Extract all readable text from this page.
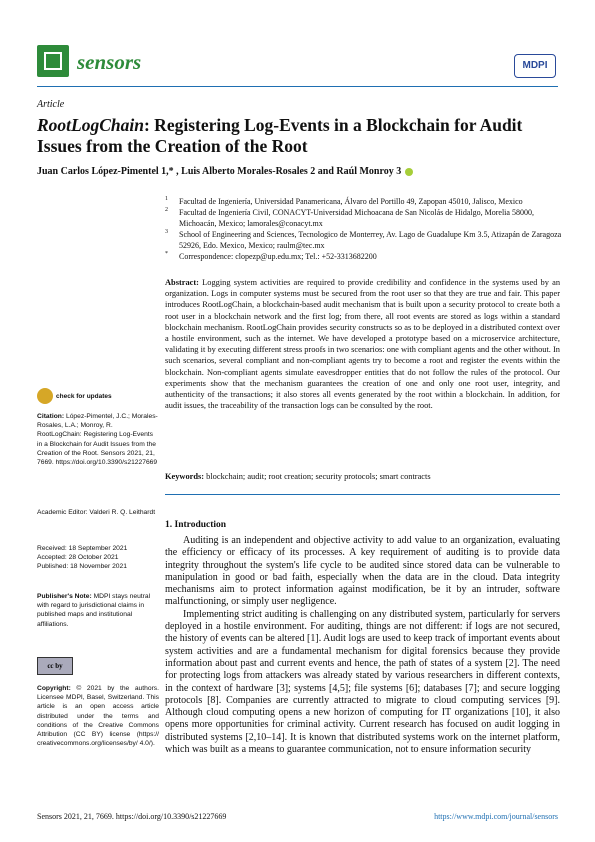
sensors	MDPI
Article
RootLogChain: Registering Log-Events in a Blockchain for Audit Issues from the Creation of the Root
Juan Carlos López-Pimentel 1,* , Luis Alberto Morales-Rosales 2 and Raúl Monroy 3
1 Facultad de Ingeniería, Universidad Panamericana, Álvaro del Portillo 49, Zapopan 45010, Jalisco, Mexico
2 Facultad de Ingeniería Civil, CONACYT-Universidad Michoacana de San Nicolás de Hidalgo, Morelia 58000, Michoacán, Mexico; lamorales@conacyt.mx
3 School of Engineering and Sciences, Tecnologico de Monterrey, Av. Lago de Guadalupe Km 3.5, Atizapán de Zaragoza 52926, Edo. Mexico, Mexico; raulm@tec.mx
* Correspondence: clopezp@up.edu.mx; Tel.: +52-3313682200
Abstract: Logging system activities are required to provide credibility and confidence in the systems used by an organization. Logs in computer systems must be secured from the root user so that they are true and fair. This paper introduces RootLogChain, a blockchain-based audit mechanism that is built upon a security protocol to create both a root user in a blockchain network and the first log; from there, all root events are stored as logs within a standard blockchain mechanism. RootLogChain provides security constructs so as to be deployed in a distributed context over a hostile environment, such as the internet. We have developed a prototype based on a microservice architecture, validating it by executing different stress proofs in two scenarios: one with compliant agents and the other without. In such scenarios, several compliant and non-compliant agents try to become a root and register the events within the blockchain. Non-compliant agents simulate eavesdropper entities that do not follow the rules of the protocol. Our experiments show that the mechanism guarantees the creation of one and only one root user, integrity, and authenticity of the transactions; it also stores all events generated by the root within a blockchain. In addition, for audit issues, the traceability of the transaction logs can be consulted by the root.
Keywords: blockchain; audit; root creation; security protocols; smart contracts
check for updates
Citation: López-Pimentel, J.C.; Morales-Rosales, L.A.; Monroy, R. RootLogChain: Registering Log-Events in a Blockchain for Audit Issues from the Creation of the Root. Sensors 2021, 21, 7669. https://doi.org/10.3390/s21227669
Academic Editor: Valderi R. Q. Leithardt
Received: 18 September 2021
Accepted: 28 October 2021
Published: 18 November 2021
Publisher's Note: MDPI stays neutral with regard to jurisdictional claims in published maps and institutional affiliations.
cc by
Copyright: © 2021 by the authors. Licensee MDPI, Basel, Switzerland. This article is an open access article distributed under the terms and conditions of the Creative Commons Attribution (CC BY) license (https:// creativecommons.org/licenses/by/ 4.0/).
1. Introduction

Auditing is an independent and objective activity to add value to an organization, evaluating the efficiency or efficacy of its processes. A key requirement of auditing is to provide data integrity throughout the system's life cycle to be audited since stored data can be vulnerable to manipulation in good or bad faith, especially when the data are in the cloud. Data integrity mechanisms aim to protect information against modification, be it by an intruder, software malfunctioning, or simply user negligence.

Implementing strict auditing is challenging on any distributed system, particularly for servers deployed in a hostile environment. For auditing, things are not different: if logs are not secured, the history of events can be altered [1]. Audit logs are used to keep track of important events about system activities and are a fundamental mechanism for digital forensics because they provide information about past and current events and hence, the path of states of a system [2]. The need for protecting logs from attackers was already stated by various researchers in different contexts, in the context of hardware [3]; systems [4,5]; file systems [6]; databases [7]; and secure logging protocols [8]. Companies are currently attracted to migrate to cloud computing services [9]. Although cloud computing opens a new horizon of computing for IT organizations [10], it also opens more opportunities for criminal activity. Current research has focused on audit logging in distributed systems [2,10–14]. It is known that distributed systems work on the internet platform, which was built as a means to guarantee communication, not to ensure information security

Sensors 2021, 21, 7669. https://doi.org/10.3390/s21227669	https://www.mdpi.com/journal/sensors
